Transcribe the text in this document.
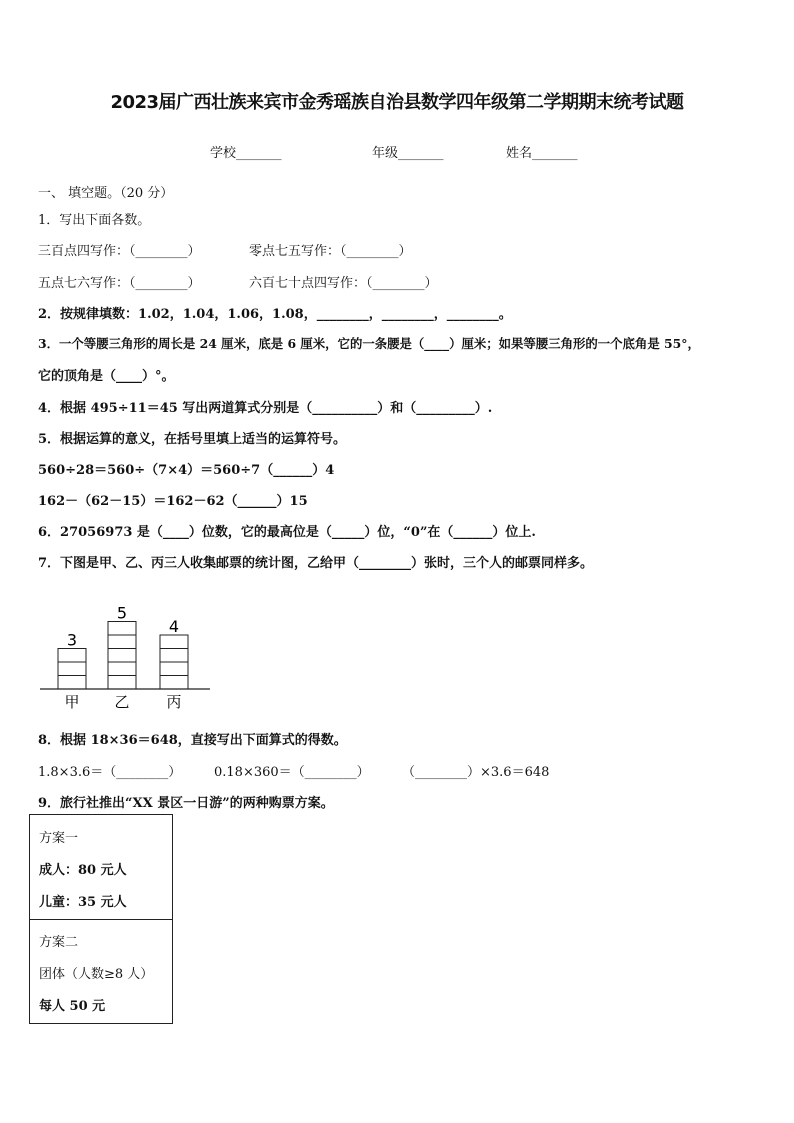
2023届广西壮族来宾市金秀瑶族自治县数学四年级第二学期期末统考试题
学校_______	年级_______	姓名_______
一、 填空题。（20 分）
1．写出下面各数。
三百点四写作：（________）	零点七五写作：（________）
五点七六写作：（________）	六百七十点四写作：（________）
2．按规律填数：1.02，1.04，1.06，1.08，________，________，________。
3．一个等腰三角形的周长是 24 厘米，底是 6 厘米，它的一条腰是（____）厘米；如果等腰三角形的一个底角是 55°，
它的顶角是（____）°。
4．根据 495÷11＝45 写出两道算式分别是（__________）和（_________）.
5．根据运算的意义，在括号里填上适当的运算符号。
560÷28＝560÷（7×4）＝560÷7（______）4
162－（62－15）＝162－62（______）15
6．27056973 是（____）位数，它的最高位是（_____）位，“0”在（______）位上.
7．下图是甲、乙、丙三人收集邮票的统计图，乙给甲（________）张时，三个人的邮票同样多。
3
甲
5
乙
4
丙
8．根据 18×36＝648，直接写出下面算式的得数。
1.8×3.6＝（________）	0.18×360＝（________） （________）×3.6＝648
9．旅行社推出“XX 景区一日游”的两种购票方案。
方案一
成人：80 元人
儿童：35 元人
方案二
团体（人数≥8 人）
每人 50 元
